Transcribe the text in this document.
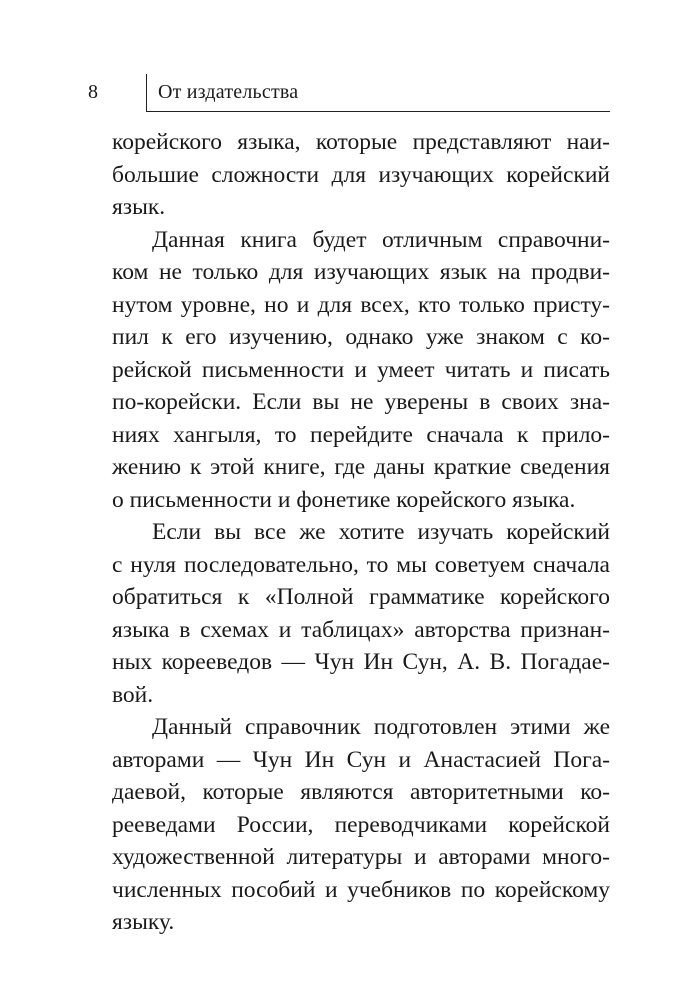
8	От издательства
корейского языка, которые представляют наи-
большие сложности для изучающих корейский
язык.
Данная книга будет отличным справочни-
ком не только для изучающих язык на продви-
нутом уровне, но и для всех, кто только присту-
пил к его изучению, однако уже знаком с ко-
рейской письменности и умеет читать и писать
по-корейски. Если вы не уверены в своих зна-
ниях хангыля, то перейдите сначала к прило-
жению к этой книге, где даны краткие сведения
о письменности и фонетике корейского языка.
Если вы все же хотите изучать корейский
с нуля последовательно, то мы советуем сначала
обратиться к «Полной грамматике корейского
языка в схемах и таблицах» авторства признан-
ных корееведов — Чун Ин Сун, А. В. Погадае-
вой.
Данный справочник подготовлен этими же
авторами — Чун Ин Сун и Анастасией Пога-
даевой, которые являются авторитетными ко-
рееведами России, переводчиками корейской
художественной литературы и авторами много-
численных пособий и учебников по корейскому
языку.
